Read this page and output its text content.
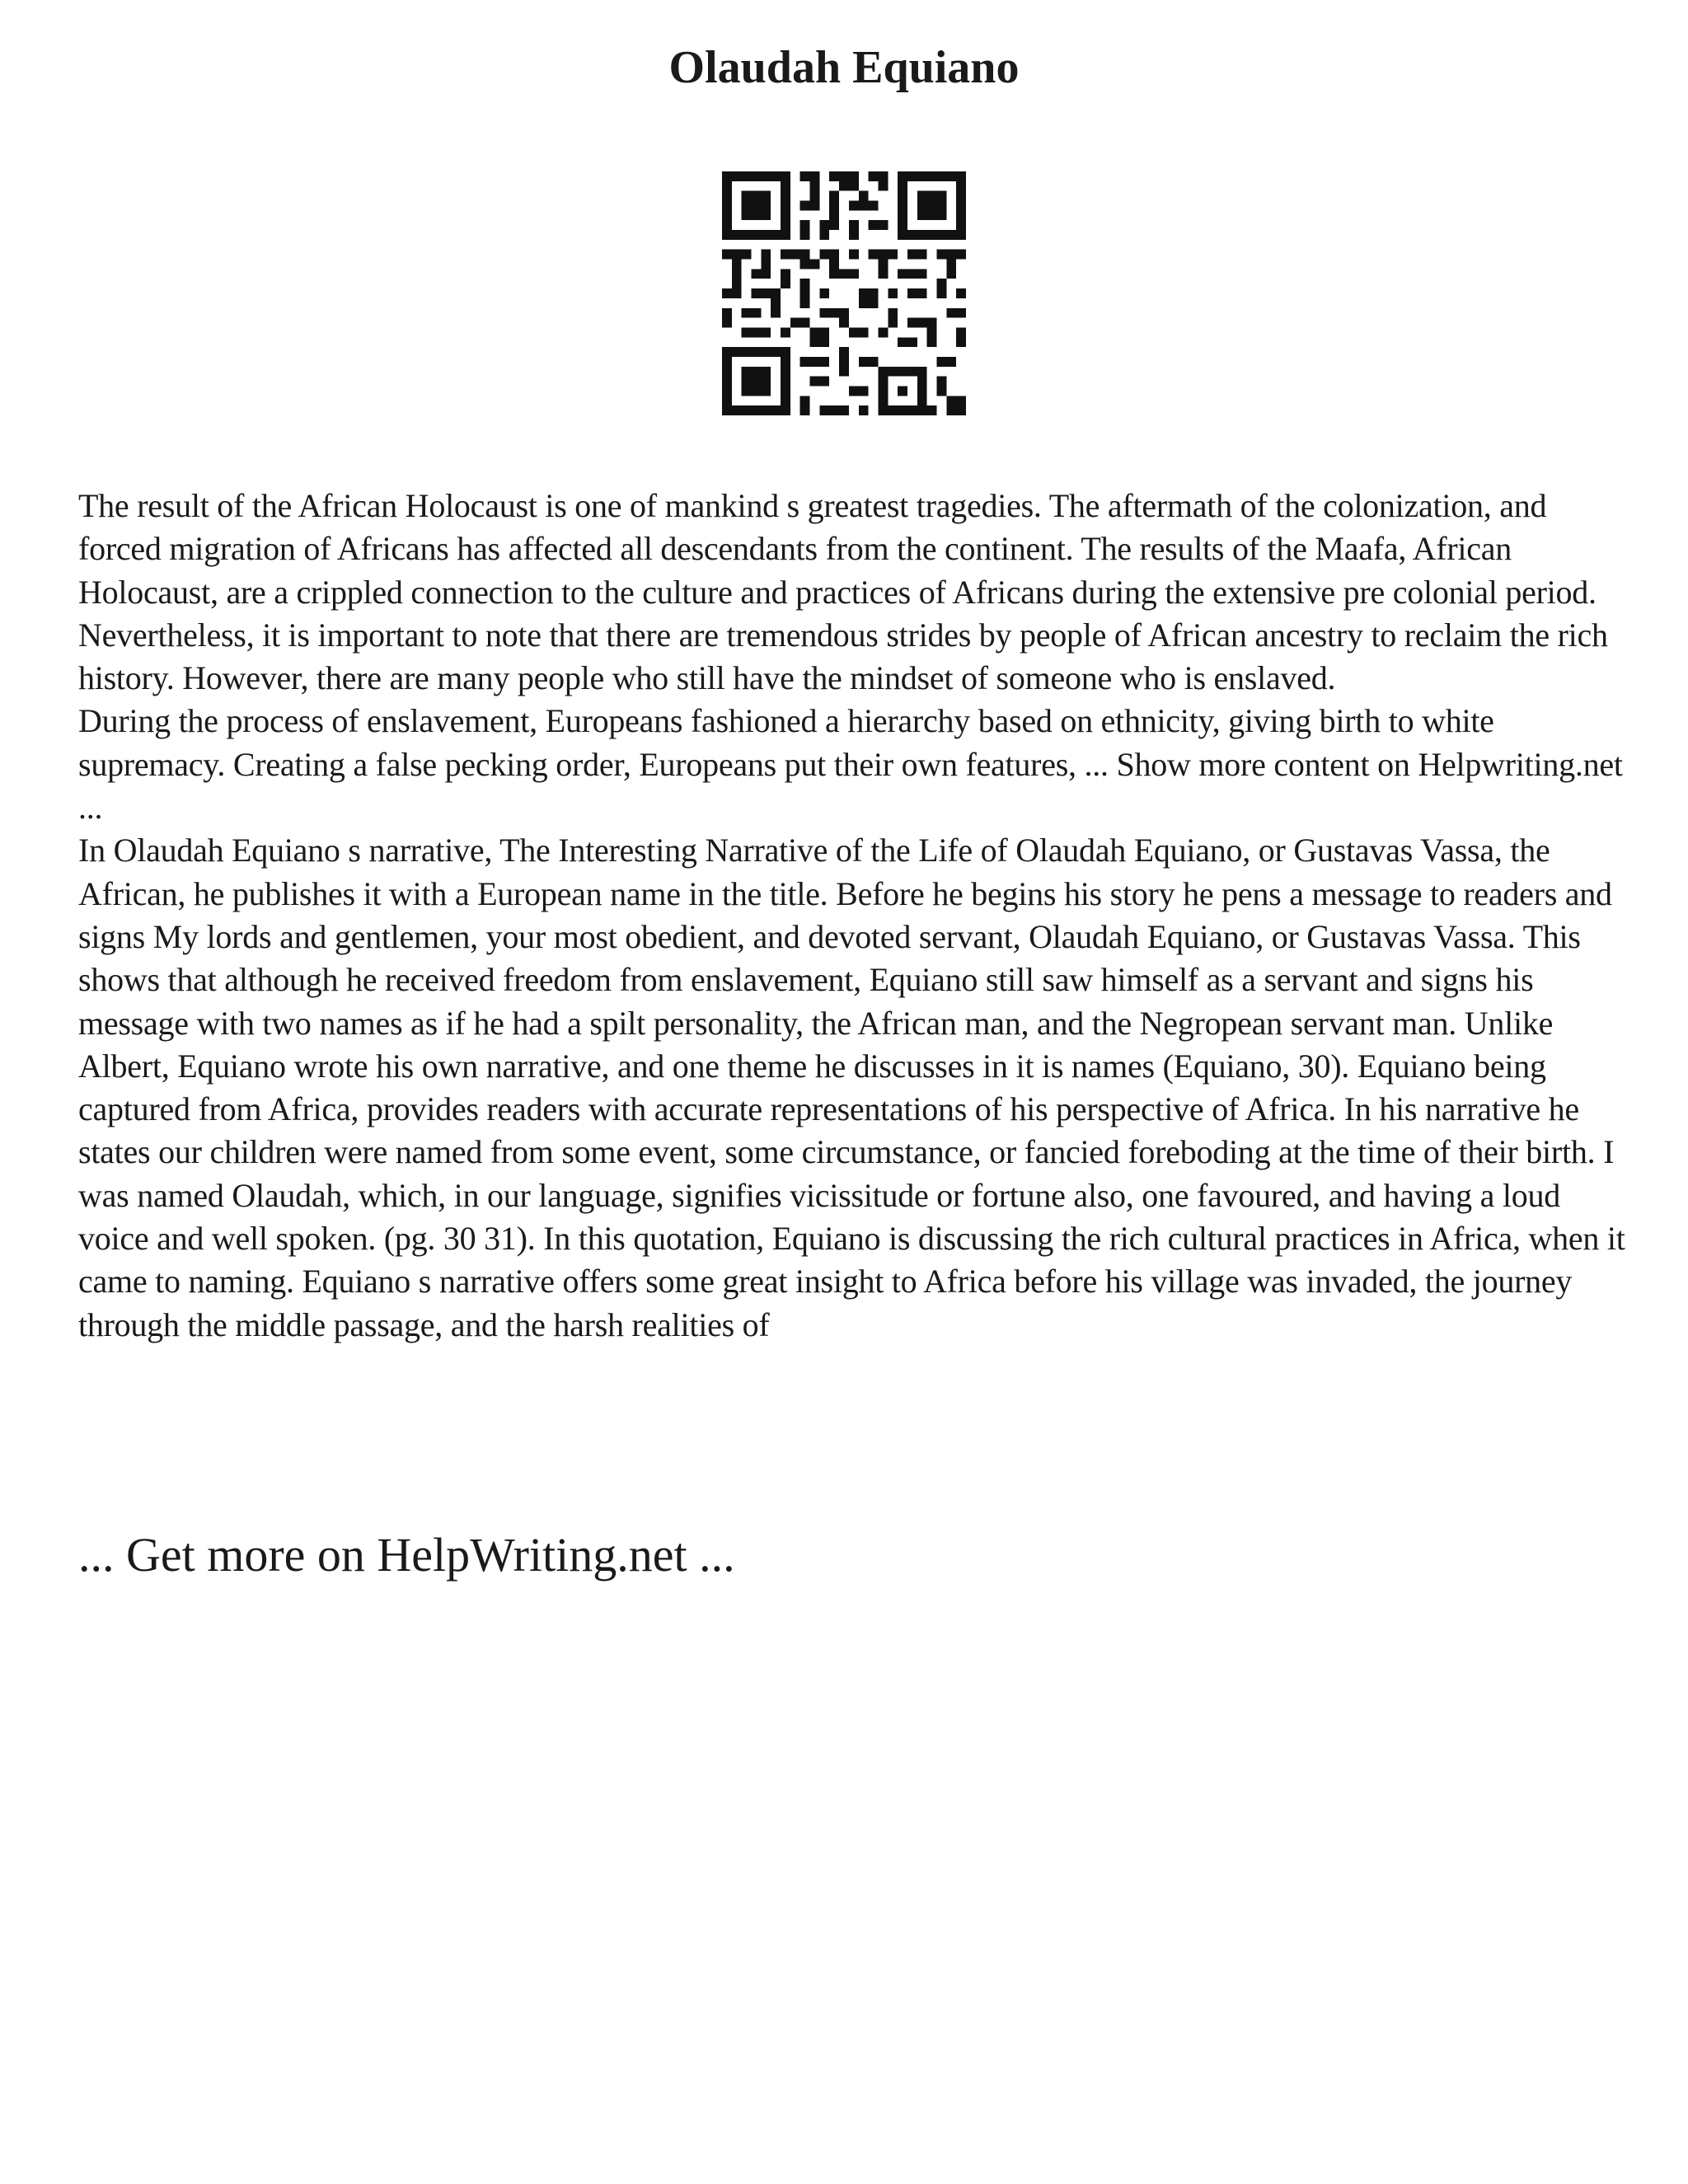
Olaudah Equiano

The result of the African Holocaust is one of mankind s greatest tragedies. The aftermath of the colonization, and forced migration of Africans has affected all descendants from the continent. The results of the Maafa, African Holocaust, are a crippled connection to the culture and practices of Africans during the extensive pre colonial period. Nevertheless, it is important to note that there are tremendous strides by people of African ancestry to reclaim the rich history. However, there are many people who still have the mindset of someone who is enslaved.

During the process of enslavement, Europeans fashioned a hierarchy based on ethnicity, giving birth to white supremacy. Creating a false pecking order, Europeans put their own features, ... Show more content on Helpwriting.net ...

In Olaudah Equiano s narrative, The Interesting Narrative of the Life of Olaudah Equiano, or Gustavas Vassa, the African, he publishes it with a European name in the title. Before he begins his story he pens a message to readers and signs My lords and gentlemen, your most obedient, and devoted servant, Olaudah Equiano, or Gustavas Vassa. This shows that although he received freedom from enslavement, Equiano still saw himself as a servant and signs his message with two names as if he had a spilt personality, the African man, and the Negropean servant man. Unlike Albert, Equiano wrote his own narrative, and one theme he discusses in it is names (Equiano, 30). Equiano being captured from Africa, provides readers with accurate representations of his perspective of Africa. In his narrative he states our children were named from some event, some circumstance, or fancied foreboding at the time of their birth. I was named Olaudah, which, in our language, signifies vicissitude or fortune also, one favoured, and having a loud voice and well spoken. (pg. 30 31). In this quotation, Equiano is discussing the rich cultural practices in Africa, when it came to naming. Equiano s narrative offers some great insight to Africa before his village was invaded, the journey through the middle passage, and the harsh realities of

... Get more on HelpWriting.net ...
